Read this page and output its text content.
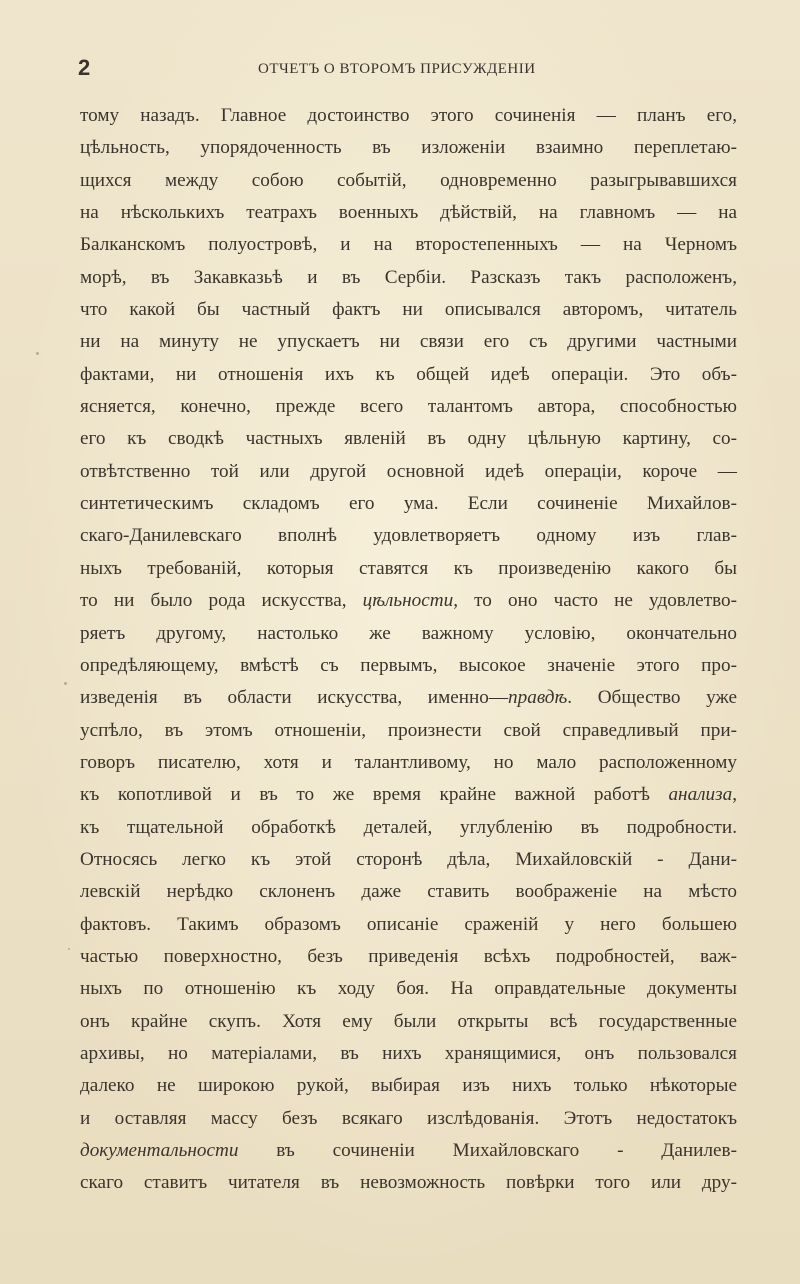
2	ОТЧЕТЪ О ВТОРОМЪ ПРИСУЖДЕНІИ
тому назадъ. Главное достоинство этого сочиненія — планъ его,
цѣльность, упорядоченность въ изложеніи взаимно переплетаю-
щихся между собою событій, одновременно разыгрывавшихся
на нѣсколькихъ театрахъ военныхъ дѣйствій, на главномъ — на
Балканскомъ полуостровѣ, и на второстепенныхъ — на Черномъ
морѣ, въ Закавказьѣ и въ Сербіи. Разсказъ такъ расположенъ,
что какой бы частный фактъ ни описывался авторомъ, читатель
ни на минуту не упускаетъ ни связи его съ другими частными
фактами, ни отношенія ихъ къ общей идеѣ операціи. Это объ-
ясняется, конечно, прежде всего талантомъ автора, способностью
его къ сводкѣ частныхъ явленій въ одну цѣльную картину, со-
отвѣтственно той или другой основной идеѣ операціи, короче —
синтетическимъ складомъ его ума. Если сочиненіе Михайлов-
скаго-Данилевскаго вполнѣ удовлетворяетъ одному изъ глав-
ныхъ требованій, которыя ставятся къ произведенію какого бы
то ни было рода искусства, цѣльности, то оно часто не удовлетво-
ряетъ другому, настолько же важному условію, окончательно
опредѣляющему, вмѣстѣ съ первымъ, высокое значеніе этого про-
изведенія въ области искусства, именно—правдѣ. Общество уже
успѣло, въ этомъ отношеніи, произнести свой справедливый при-
говоръ писателю, хотя и талантливому, но мало расположенному
къ копотливой и въ то же время крайне важной работѣ анализа,
къ тщательной обработкѣ деталей, углубленію въ подробности.
Относясь легко къ этой сторонѣ дѣла, Михайловскій - Дани-
левскій нерѣдко склоненъ даже ставить воображеніе на мѣсто
фактовъ. Такимъ образомъ описаніе сраженій у него большею
частью поверхностно, безъ приведенія всѣхъ подробностей, важ-
ныхъ по отношенію къ ходу боя. На оправдательные документы
онъ крайне скупъ. Хотя ему были открыты всѣ государственные
архивы, но матеріалами, въ нихъ хранящимися, онъ пользовался
далеко не широкою рукой, выбирая изъ нихъ только нѣкоторые
и оставляя массу безъ всякаго изслѣдованія. Этотъ недостатокъ
документальности въ сочиненіи Михайловскаго - Данилев-
скаго ставитъ читателя въ невозможность повѣрки того или дру-
